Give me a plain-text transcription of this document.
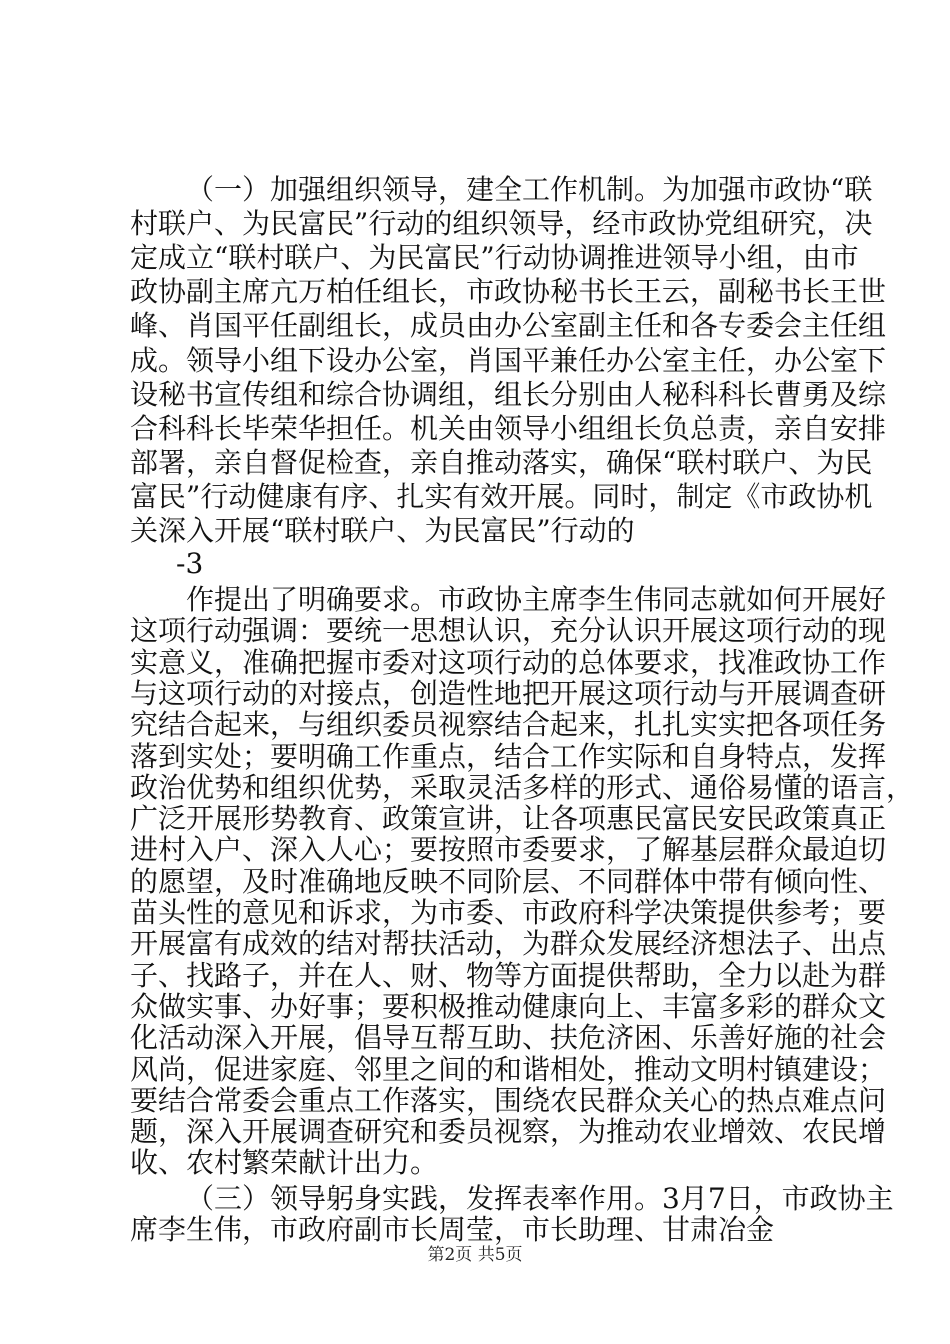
（一）加强组织领导，建全工作机制。为加强市政协“联
村联户、为民富民”行动的组织领导，经市政协党组研究，决
定成立“联村联户、为民富民”行动协调推进领导小组，由市
政协副主席亢万柏任组长，市政协秘书长王云，副秘书长王世
峰、肖国平任副组长，成员由办公室副主任和各专委会主任组
成。领导小组下设办公室，肖国平兼任办公室主任，办公室下
设秘书宣传组和综合协调组，组长分别由人秘科科长曹勇及综
合科科长毕荣华担任。机关由领导小组组长负总责，亲自安排
部署，亲自督促检查，亲自推动落实，确保“联村联户、为民
富民”行动健康有序、扎实有效开展。同时，制定《市政协机
关深入开展“联村联户、为民富民”行动的
-3
作提出了明确要求。市政协主席李生伟同志就如何开展好
这项行动强调：要统一思想认识，充分认识开展这项行动的现
实意义，准确把握市委对这项行动的总体要求，找准政协工作
与这项行动的对接点，创造性地把开展这项行动与开展调查研
究结合起来，与组织委员视察结合起来，扎扎实实把各项任务
落到实处；要明确工作重点，结合工作实际和自身特点，发挥
政治优势和组织优势，采取灵活多样的形式、通俗易懂的语言，
广泛开展形势教育、政策宣讲，让各项惠民富民安民政策真正
进村入户、深入人心；要按照市委要求，了解基层群众最迫切
的愿望，及时准确地反映不同阶层、不同群体中带有倾向性、
苗头性的意见和诉求，为市委、市政府科学决策提供参考；要
开展富有成效的结对帮扶活动，为群众发展经济想法子、出点
子、找路子，并在人、财、物等方面提供帮助，全力以赴为群
众做实事、办好事；要积极推动健康向上、丰富多彩的群众文
化活动深入开展，倡导互帮互助、扶危济困、乐善好施的社会
风尚，促进家庭、邻里之间的和谐相处，推动文明村镇建设；
要结合常委会重点工作落实，围绕农民群众关心的热点难点问
题，深入开展调查研究和委员视察，为推动农业增效、农民增
收、农村繁荣献计出力。
第2页 共5页
（三）领导躬身实践，发挥表率作用。3月7日，市政协主
席李生伟，市政府副市长周莹，市长助理、甘肃冶金
